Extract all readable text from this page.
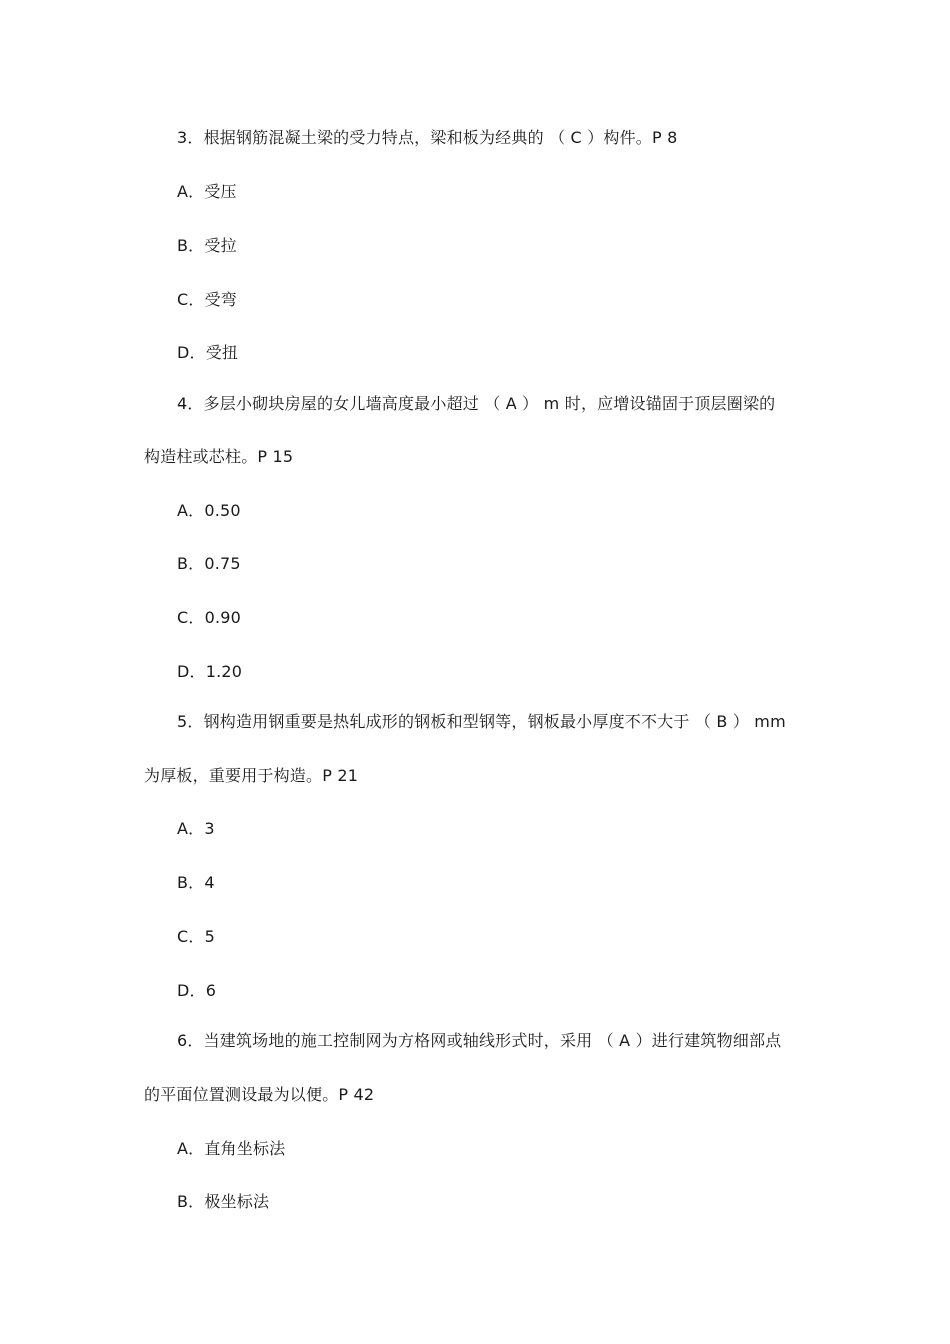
3．根据钢筋混凝土梁的受力特点，梁和板为经典的 （ C ）构件。P 8
A．受压
B．受拉
C．受弯
D．受扭
4．多层小砌块房屋的女儿墙高度最小超过 （ A ） m 时，应增设锚固于顶层圈梁的
构造柱或芯柱。P 15
A．0.50
B．0.75
C．0.90
D．1.20
5．钢构造用钢重要是热轧成形的钢板和型钢等，钢板最小厚度不不大于 （ B ） mm
为厚板，重要用于构造。P 21
A．3
B．4
C．5
D．6
6．当建筑场地的施工控制网为方格网或轴线形式时，采用 （ A ）进行建筑物细部点
的平面位置测设最为以便。P 42
A．直角坐标法
B．极坐标法
